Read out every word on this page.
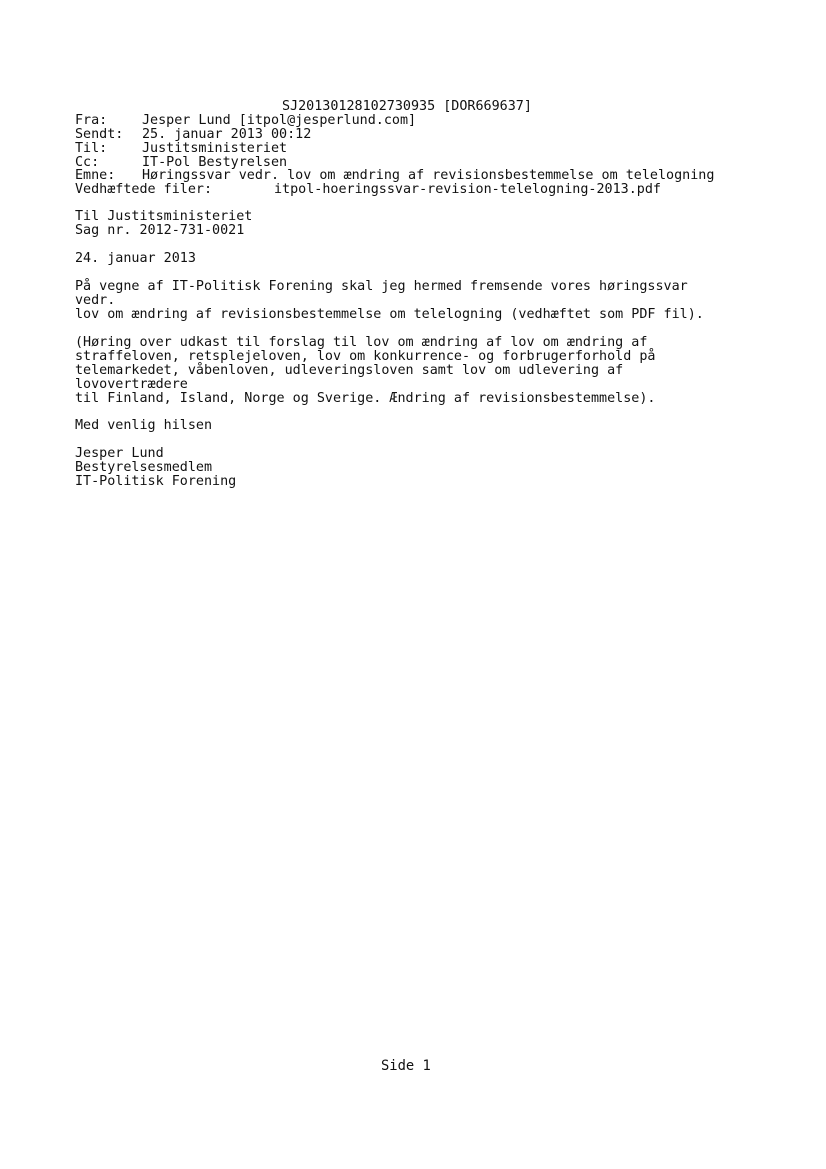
SJ20130128102730935 [DOR669637]
Fra:	Jesper Lund [itpol@jesperlund.com]
Sendt: 25. januar 2013 00:12
Til:	Justitsministeriet
Cc:	IT-Pol Bestyrelsen
Emne: Høringssvar vedr. lov om ændring af revisionsbestemmelse om telelogning
Vedhæftede filer:	itpol-hoeringssvar-revision-telelogning-2013.pdf
Til Justitsministeriet
Sag nr. 2012-731-0021
24. januar 2013
På vegne af IT-Politisk Forening skal jeg hermed fremsende vores høringssvar
vedr.
lov om ændring af revisionsbestemmelse om telelogning (vedhæftet som PDF fil).
(Høring over udkast til forslag til lov om ændring af lov om ændring af
straffeloven, retsplejeloven, lov om konkurrence- og forbrugerforhold på
telemarkedet, våbenloven, udleveringsloven samt lov om udlevering af
lovovertrædere
til Finland, Island, Norge og Sverige. Ændring af revisionsbestemmelse).
Med venlig hilsen
Jesper Lund
Bestyrelsesmedlem
IT-Politisk Forening
Side 1
